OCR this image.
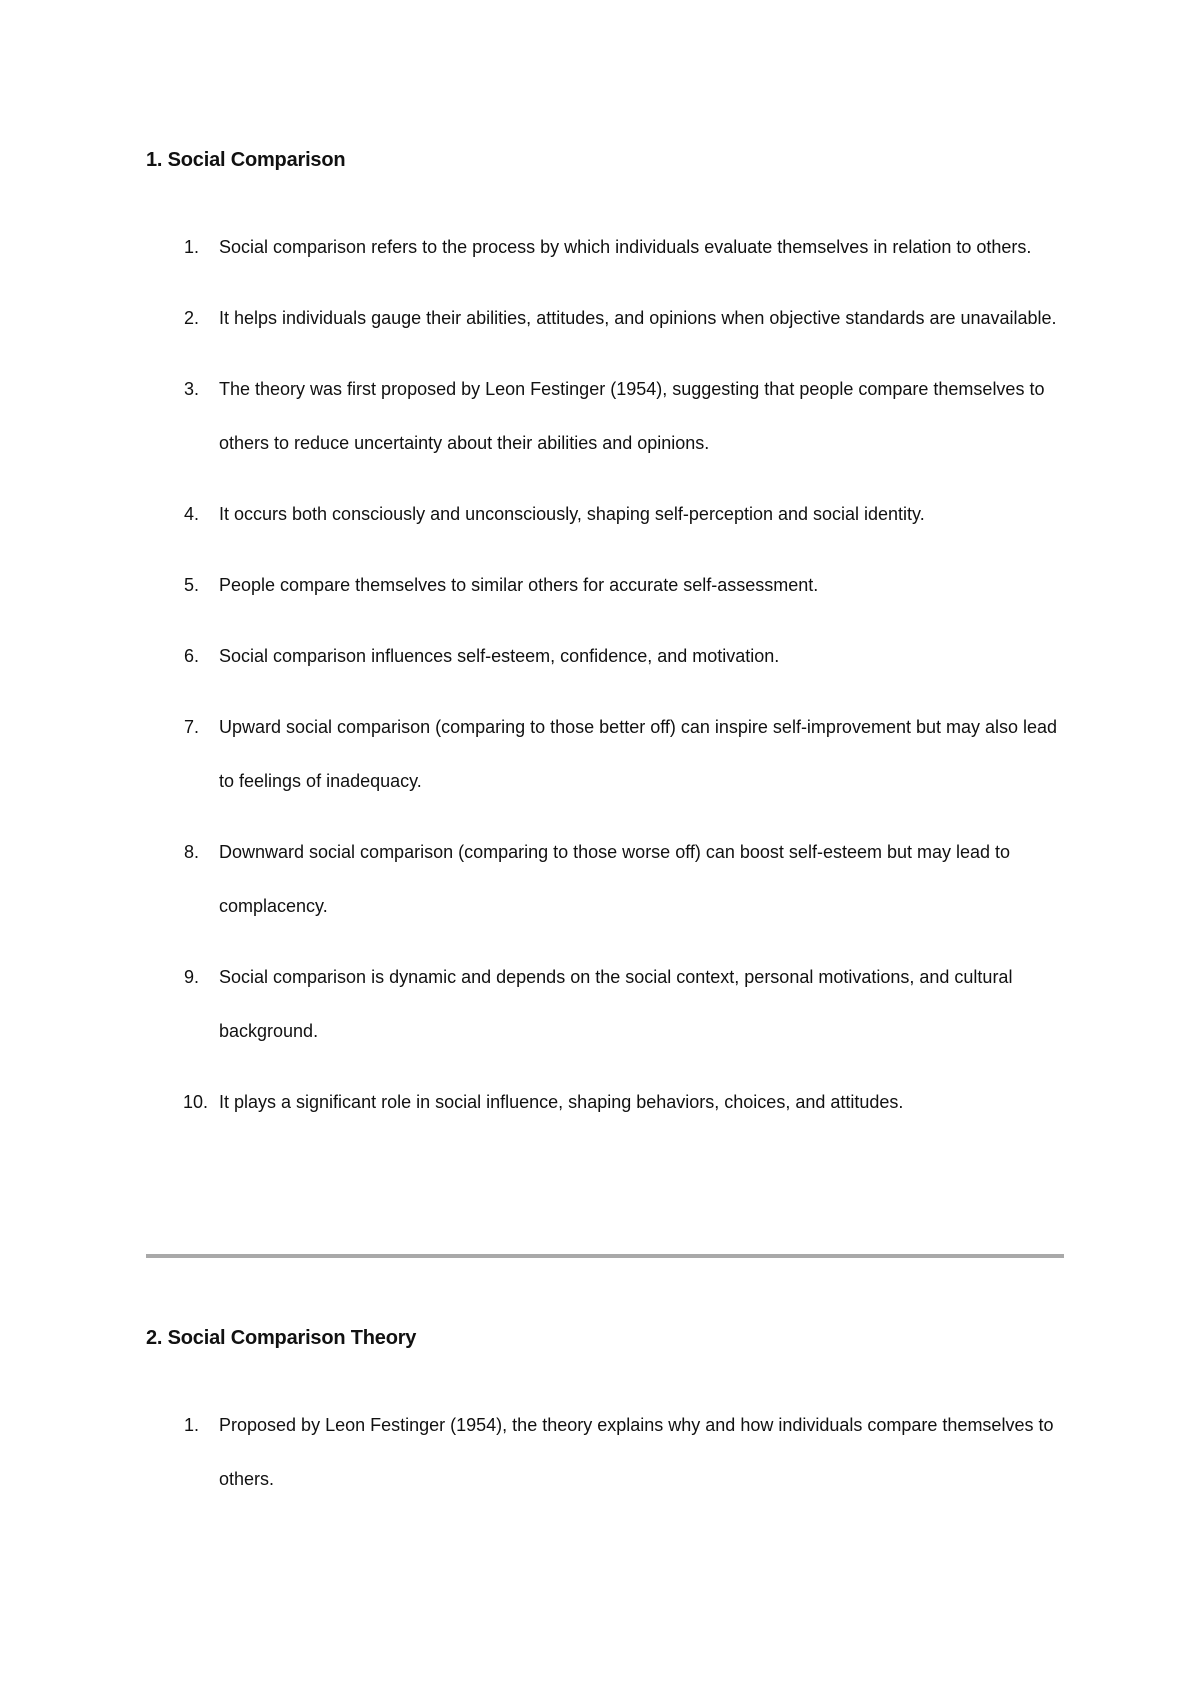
1. Social Comparison
1.	Social comparison refers to the process by which individuals evaluate themselves in relation to others.
2.	It helps individuals gauge their abilities, attitudes, and opinions when objective standards are unavailable.
3.	The theory was first proposed by Leon Festinger (1954), suggesting that people compare themselves to others to reduce uncertainty about their abilities and opinions.
4.	It occurs both consciously and unconsciously, shaping self-perception and social identity.
5.	People compare themselves to similar others for accurate self-assessment.
6.	Social comparison influences self-esteem, confidence, and motivation.
7.	Upward social comparison (comparing to those better off) can inspire self-improvement but may also lead to feelings of inadequacy.
8.	Downward social comparison (comparing to those worse off) can boost self-esteem but may lead to complacency.
9.	Social comparison is dynamic and depends on the social context, personal motivations, and cultural background.
10. It plays a significant role in social influence, shaping behaviors, choices, and attitudes.
2. Social Comparison Theory
1.	Proposed by Leon Festinger (1954), the theory explains why and how individuals compare themselves to others.
